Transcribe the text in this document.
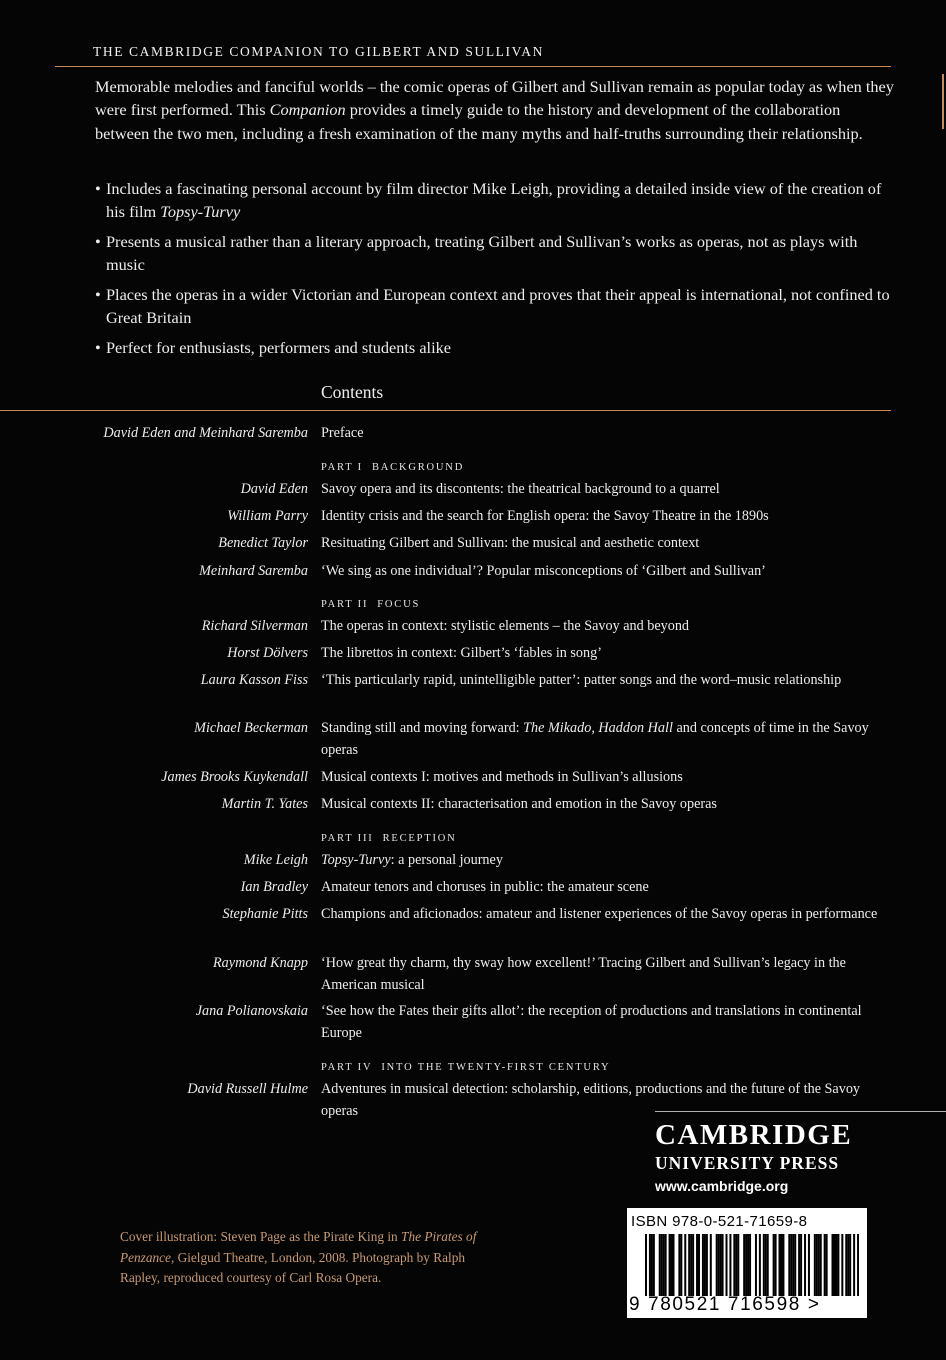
THE CAMBRIDGE COMPANION TO GILBERT AND SULLIVAN

Memorable melodies and fanciful worlds – the comic operas of Gilbert and Sullivan remain as popular today as when they were first performed. This Companion provides a timely guide to the history and development of the collaboration between the two men, including a fresh examination of the many myths and half-truths surrounding their relationship.

• Includes a fascinating personal account by film director Mike Leigh, providing a detailed inside view of the creation of his film Topsy-Turvy
• Presents a musical rather than a literary approach, treating Gilbert and Sullivan’s works as operas, not as plays with music
• Places the operas in a wider Victorian and European context and proves that their appeal is international, not confined to Great Britain
• Perfect for enthusiasts, performers and students alike
Contents
David Eden and Meinhard Saremba Preface
PART I BACKGROUND
David Eden Savoy opera and its discontents: the theatrical background to a quarrel
William Parry Identity crisis and the search for English opera: the Savoy Theatre in the 1890s
Benedict Taylor Resituating Gilbert and Sullivan: the musical and aesthetic context
Meinhard Saremba ‘We sing as one individual’? Popular misconceptions of ‘Gilbert and Sullivan’
PART II FOCUS
Richard Silverman The operas in context: stylistic elements – the Savoy and beyond
Horst Dölvers The librettos in context: Gilbert’s ‘fables in song’
Laura Kasson Fiss ‘This particularly rapid, unintelligible patter’: patter songs and the word–music relationship
Michael Beckerman Standing still and moving forward: The Mikado, Haddon Hall and concepts of time in the Savoy operas
James Brooks Kuykendall Musical contexts I: motives and methods in Sullivan’s allusions
Martin T. Yates Musical contexts II: characterisation and emotion in the Savoy operas
PART III RECEPTION
Mike Leigh Topsy-Turvy: a personal journey
Ian Bradley Amateur tenors and choruses in public: the amateur scene
Stephanie Pitts Champions and aficionados: amateur and listener experiences of the Savoy operas in performance
Raymond Knapp ‘How great thy charm, thy sway how excellent!’ Tracing Gilbert and Sullivan’s legacy in the American musical
Jana Polianovskaia ‘See how the Fates their gifts allot’: the reception of productions and translations in continental Europe
PART IV INTO THE TWENTY-FIRST CENTURY
David Russell Hulme Adventures in musical detection: scholarship, editions, productions and the future of the Savoy operas
CAMBRIDGE
UNIVERSITY PRESS
www.cambridge.org
Cover illustration: Steven Page as the Pirate King in The Pirates of Penzance, Gielgud Theatre, London, 2008. Photograph by Ralph Rapley, reproduced courtesy of Carl Rosa Opera.
ISBN 978-0-521-71659-8
9 780521 716598 >
